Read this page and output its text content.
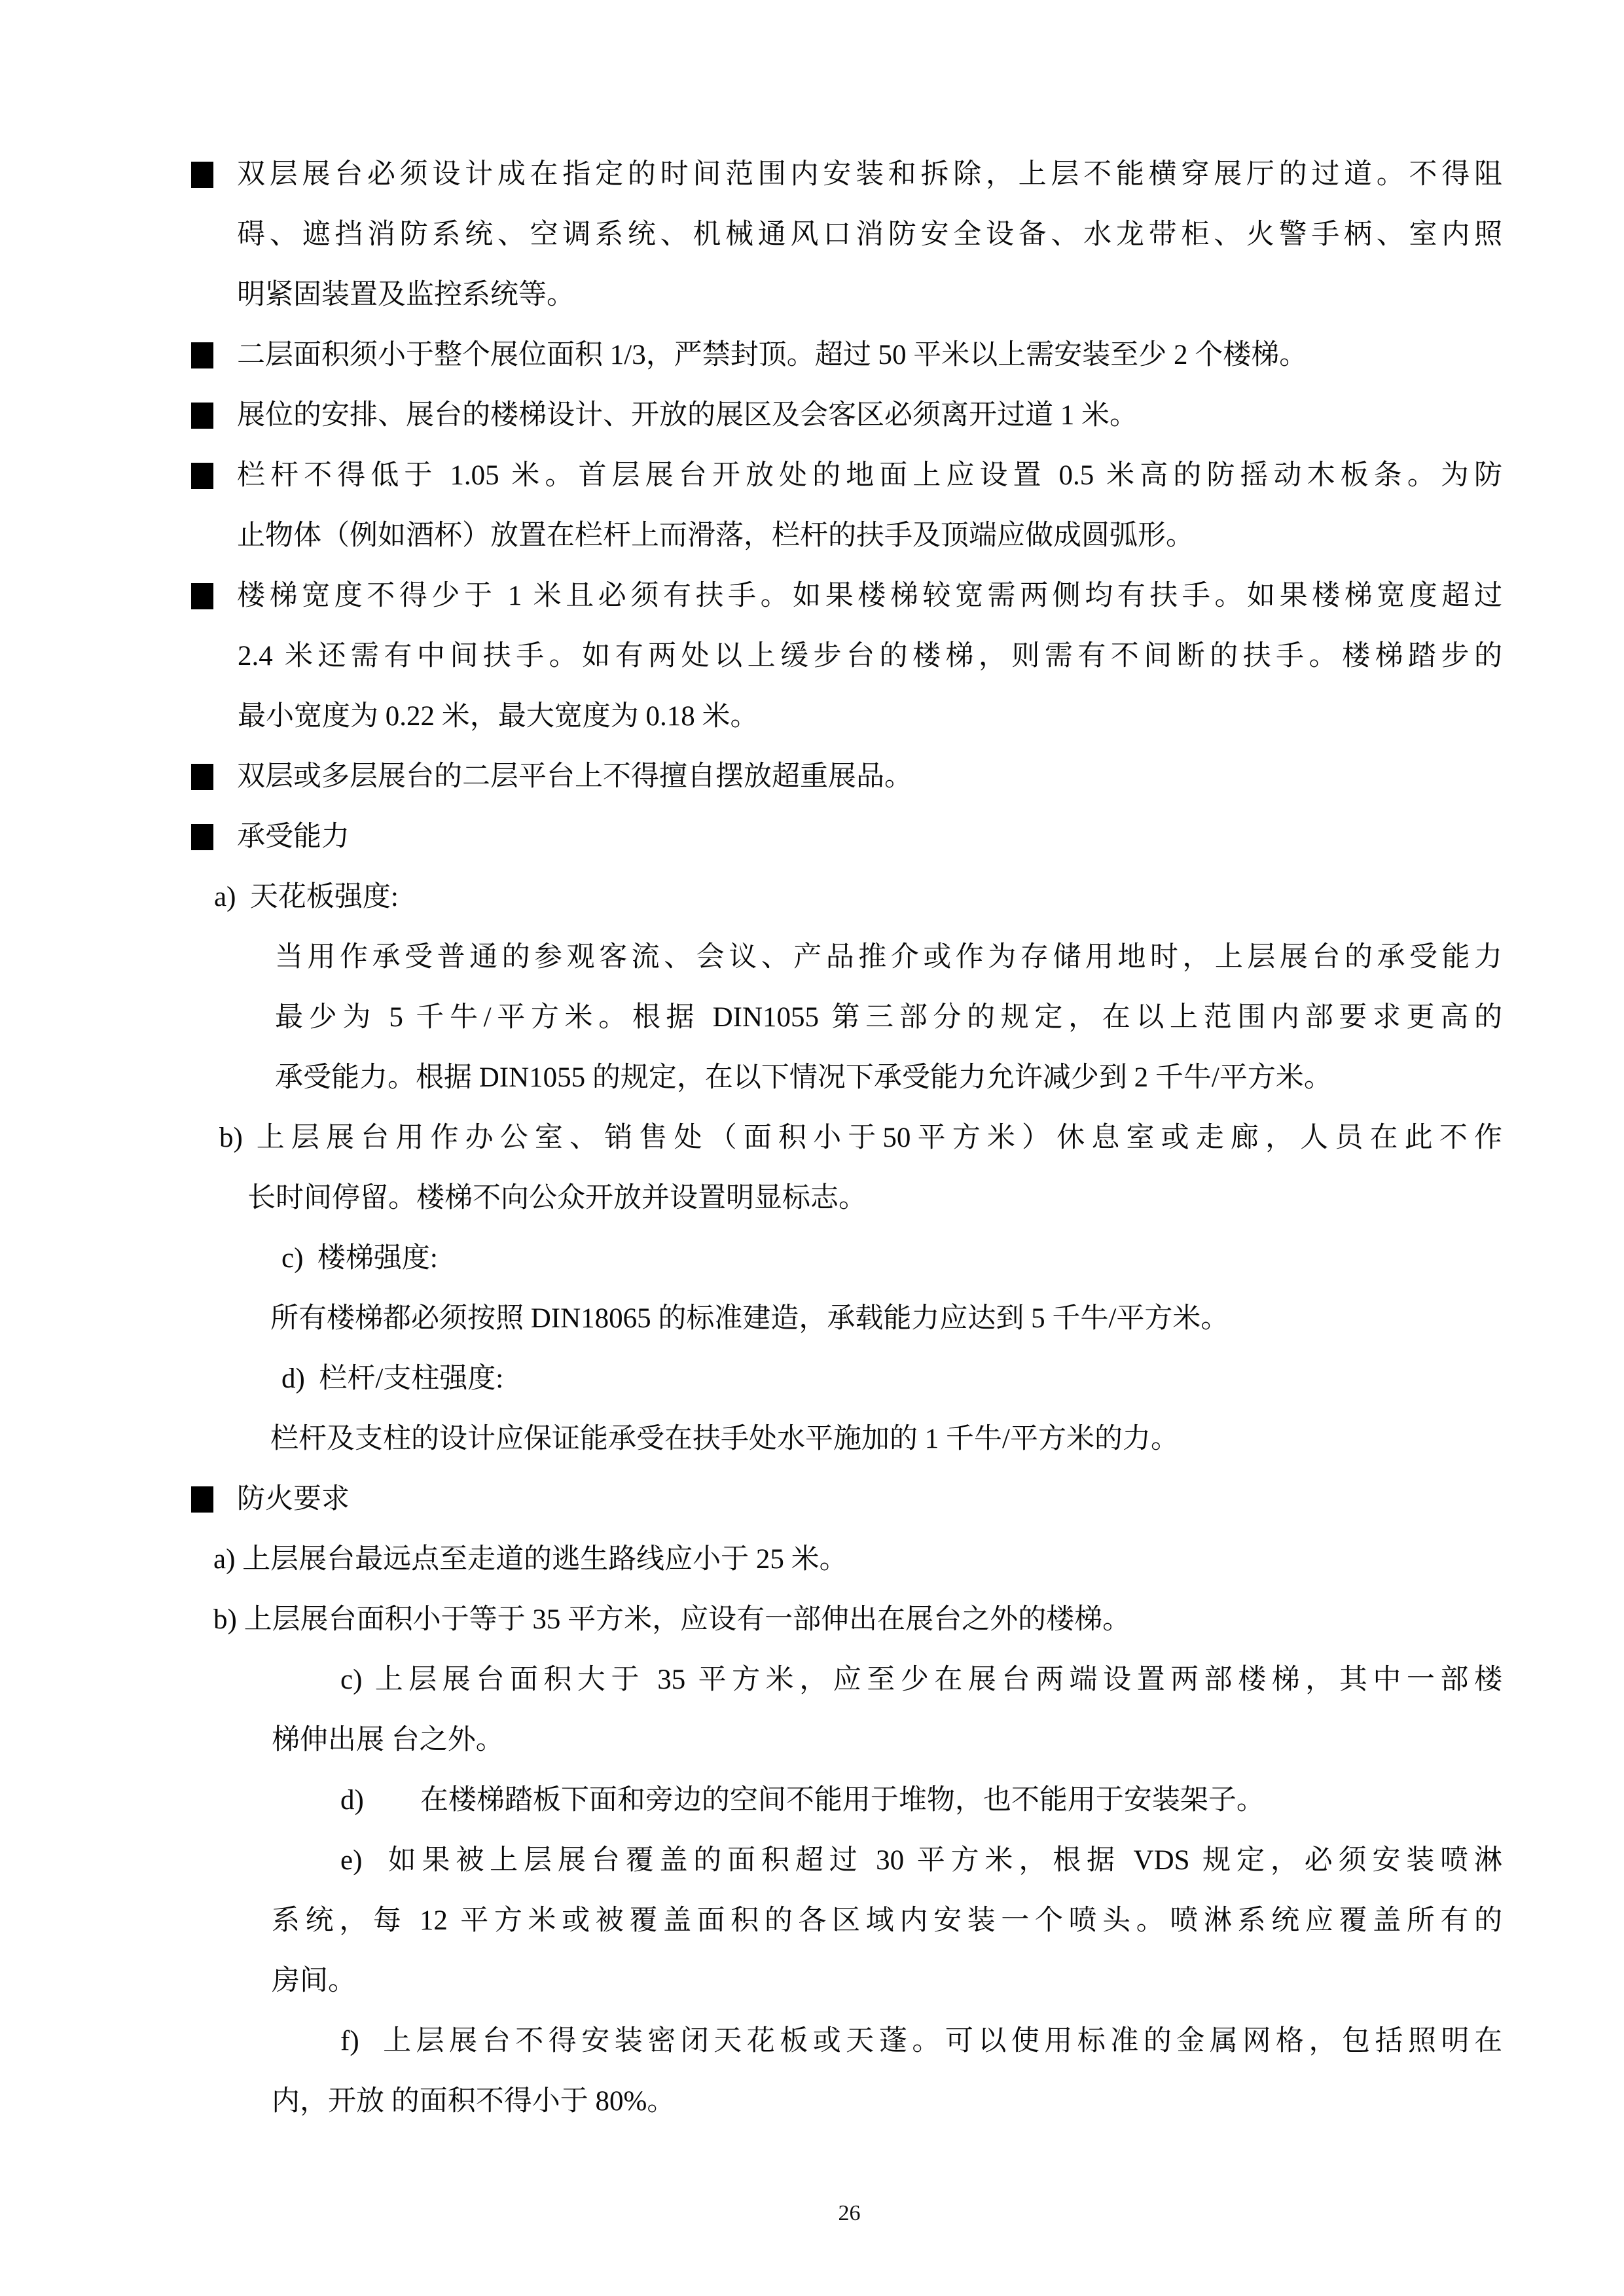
双层展台必须设计成在指定的时间范围内安装和拆除，上层不能横穿展厅的过道。不得阻
碍、遮挡消防系统、空调系统、机械通风口消防安全设备、水龙带柜、火警手柄、室内照
明紧固装置及监控系统等。
二层面积须小于整个展位面积 1/3，严禁封顶。超过 50 平米以上需安装至少 2 个楼梯。
展位的安排、展台的楼梯设计、开放的展区及会客区必须离开过道 1 米。
栏杆不得低于 1.05 米。首层展台开放处的地面上应设置 0.5 米高的防摇动木板条。为防
止物体（例如酒杯）放置在栏杆上而滑落，栏杆的扶手及顶端应做成圆弧形。
楼梯宽度不得少于 1 米且必须有扶手。如果楼梯较宽需两侧均有扶手。如果楼梯宽度超过
2.4 米还需有中间扶手。如有两处以上缓步台的楼梯，则需有不间断的扶手。楼梯踏步的
最小宽度为 0.22 米，最大宽度为 0.18 米。
双层或多层展台的二层平台上不得擅自摆放超重展品。
承受能力
a)  天花板强度:
当用作承受普通的参观客流、会议、产品推介或作为存储用地时，上层展台的承受能力
最少为 5 千牛/平方米。根据 DIN1055 第三部分的规定，在以上范围内部要求更高的
承受能力。根据 DIN1055 的规定，在以下情况下承受能力允许减少到 2 千牛/平方米。
b) 上层展台用作办公室、销售处（面积小于50平方米）休息室或走廊，人员在此不作
长时间停留。楼梯不向公众开放并设置明显标志。
c)  楼梯强度:
所有楼梯都必须按照 DIN18065 的标准建造，承载能力应达到 5 千牛/平方米。
d)  栏杆/支柱强度:
栏杆及支柱的设计应保证能承受在扶手处水平施加的 1 千牛/平方米的力。
防火要求
a) 上层展台最远点至走道的逃生路线应小于 25 米。
b) 上层展台面积小于等于 35 平方米，应设有一部伸出在展台之外的楼梯。
c) 上层展台面积大于 35 平方米，应至少在展台两端设置两部楼梯，其中一部楼
梯伸出展 台之外。
d)        在楼梯踏板下面和旁边的空间不能用于堆物，也不能用于安装架子。
e)  如果被上层展台覆盖的面积超过 30 平方米，根据 VDS 规定，必须安装喷淋
系统，每 12 平方米或被覆盖面积的各区域内安装一个喷头。喷淋系统应覆盖所有的
房间。
f)  上层展台不得安装密闭天花板或天蓬。可以使用标准的金属网格，包括照明在
内，开放 的面积不得小于 80%。
26
